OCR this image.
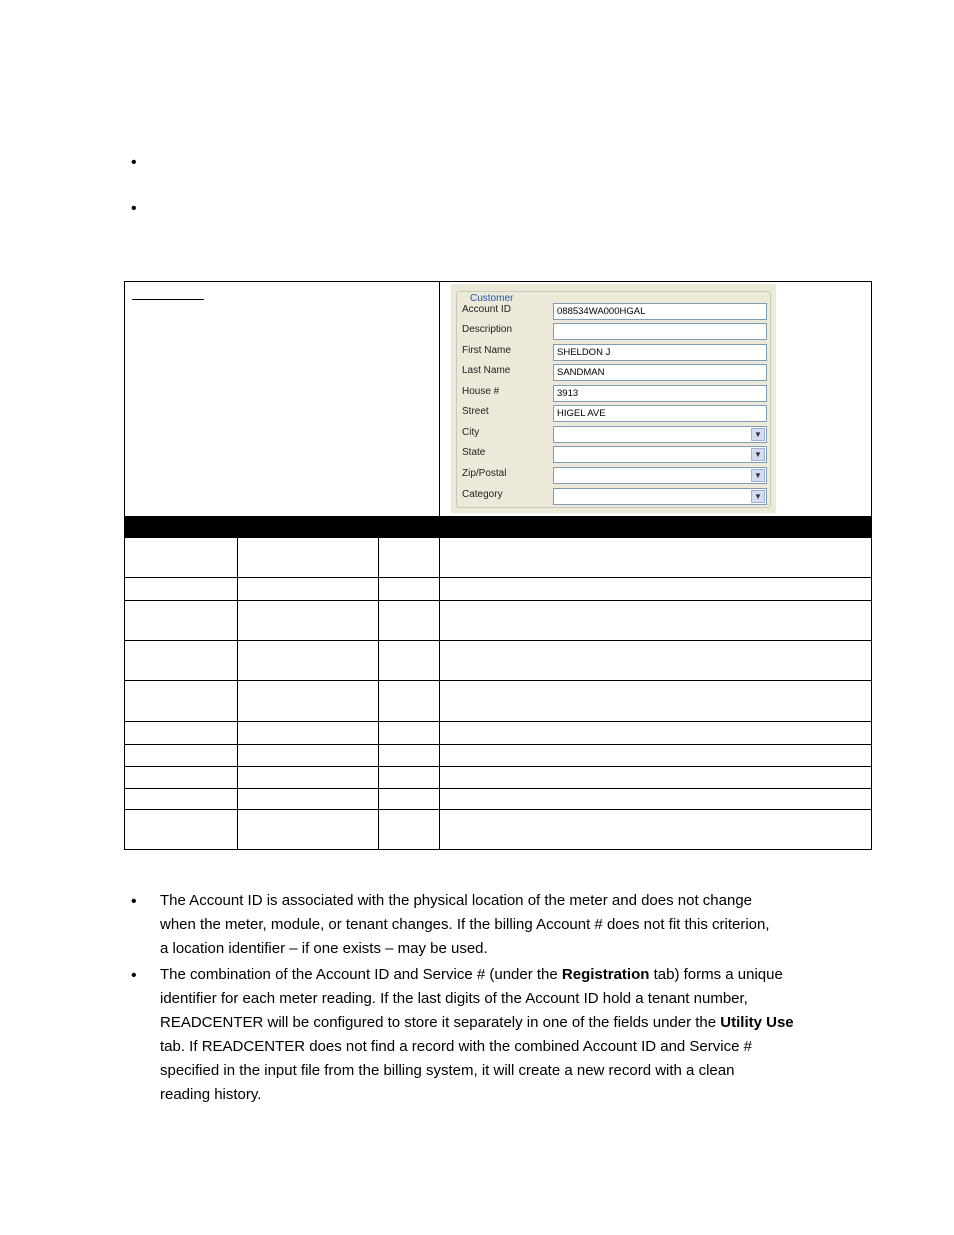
•
•
Customer
Account ID	088534WA000HGAL
Description
First Name	SHELDON J
Last Name	SANDMAN
House #	3913
Street	HIGEL AVE
City	▼
State	▼
Zip/Postal	▼
Category	▼
• The Account ID is associated with the physical location of the meter and does not change
when the meter, module, or tenant changes. If the billing Account # does not fit this criterion,
a location identifier – if one exists – may be used.
• The combination of the Account ID and Service # (under the Registration tab) forms a unique
identifier for each meter reading. If the last digits of the Account ID hold a tenant number,
READCENTER will be configured to store it separately in one of the fields under the Utility Use
tab. If READCENTER does not find a record with the combined Account ID and Service #
specified in the input file from the billing system, it will create a new record with a clean
reading history.
